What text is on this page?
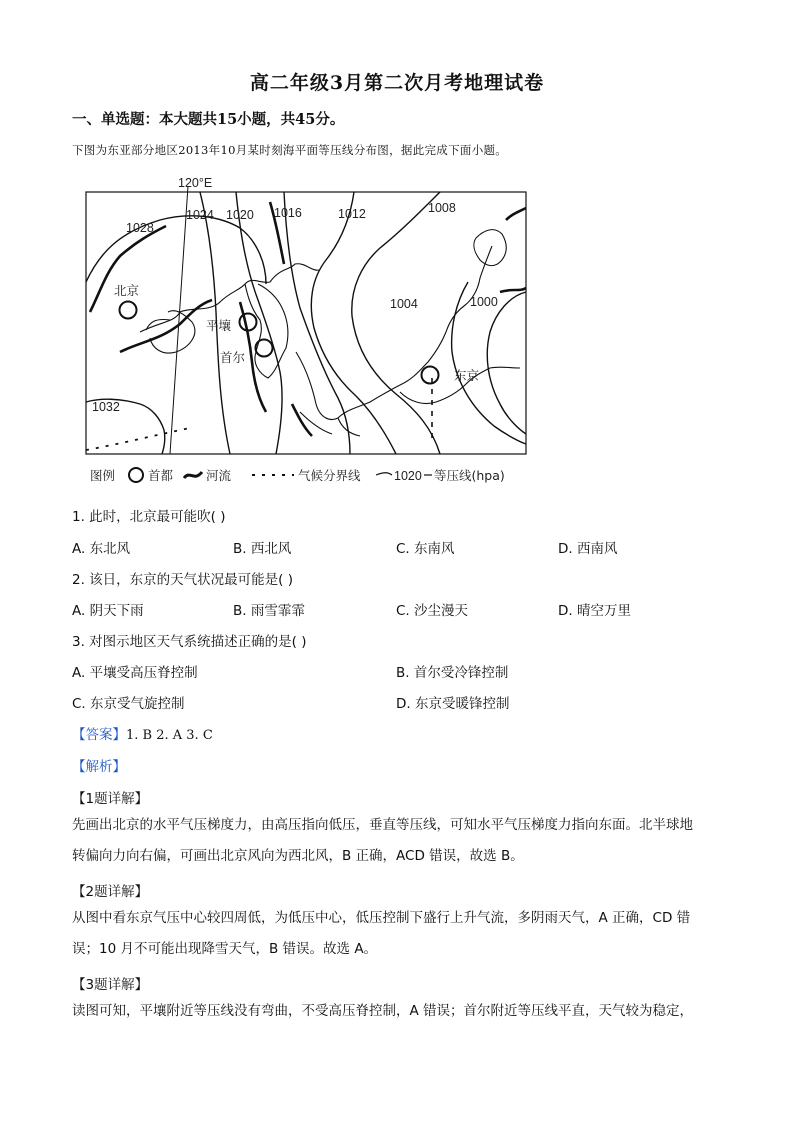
高二年级3月第二次月考地理试卷
一、单选题：本大题共15小题，共45分。
下图为东亚部分地区2013年10月某时刻海平面等压线分布图，据此完成下面小题。
120°E
1028
1024 1020 1016	1012	1008
1004	1000
1032
北京
平壤
首尔
东京
图例	首都	河流	气候分界线	1020 等压线(hpa)
1. 此时，北京最可能吹( )
A. 东北风	B. 西北风	C. 东南风	D. 西南风
2. 该日，东京的天气状况最可能是( )
A. 阴天下雨	B. 雨雪霏霏	C. 沙尘漫天	D. 晴空万里
3. 对图示地区天气系统描述正确的是( )
A. 平壤受高压脊控制	B. 首尔受冷锋控制
C. 东京受气旋控制	D. 东京受暖锋控制
【答案】1. B 2. A 3. C
【解析】
【1题详解】
先画出北京的水平气压梯度力，由高压指向低压，垂直等压线，可知水平气压梯度力指向东面。北半球地
转偏向力向右偏，可画出北京风向为西北风，B 正确，ACD 错误，故选 B。
【2题详解】
从图中看东京气压中心较四周低，为低压中心，低压控制下盛行上升气流，多阴雨天气，A 正确，CD 错
误；10 月不可能出现降雪天气，B 错误。故选 A。
【3题详解】
读图可知，平壤附近等压线没有弯曲，不受高压脊控制，A 错误；首尔附近等压线平直，天气较为稳定，
